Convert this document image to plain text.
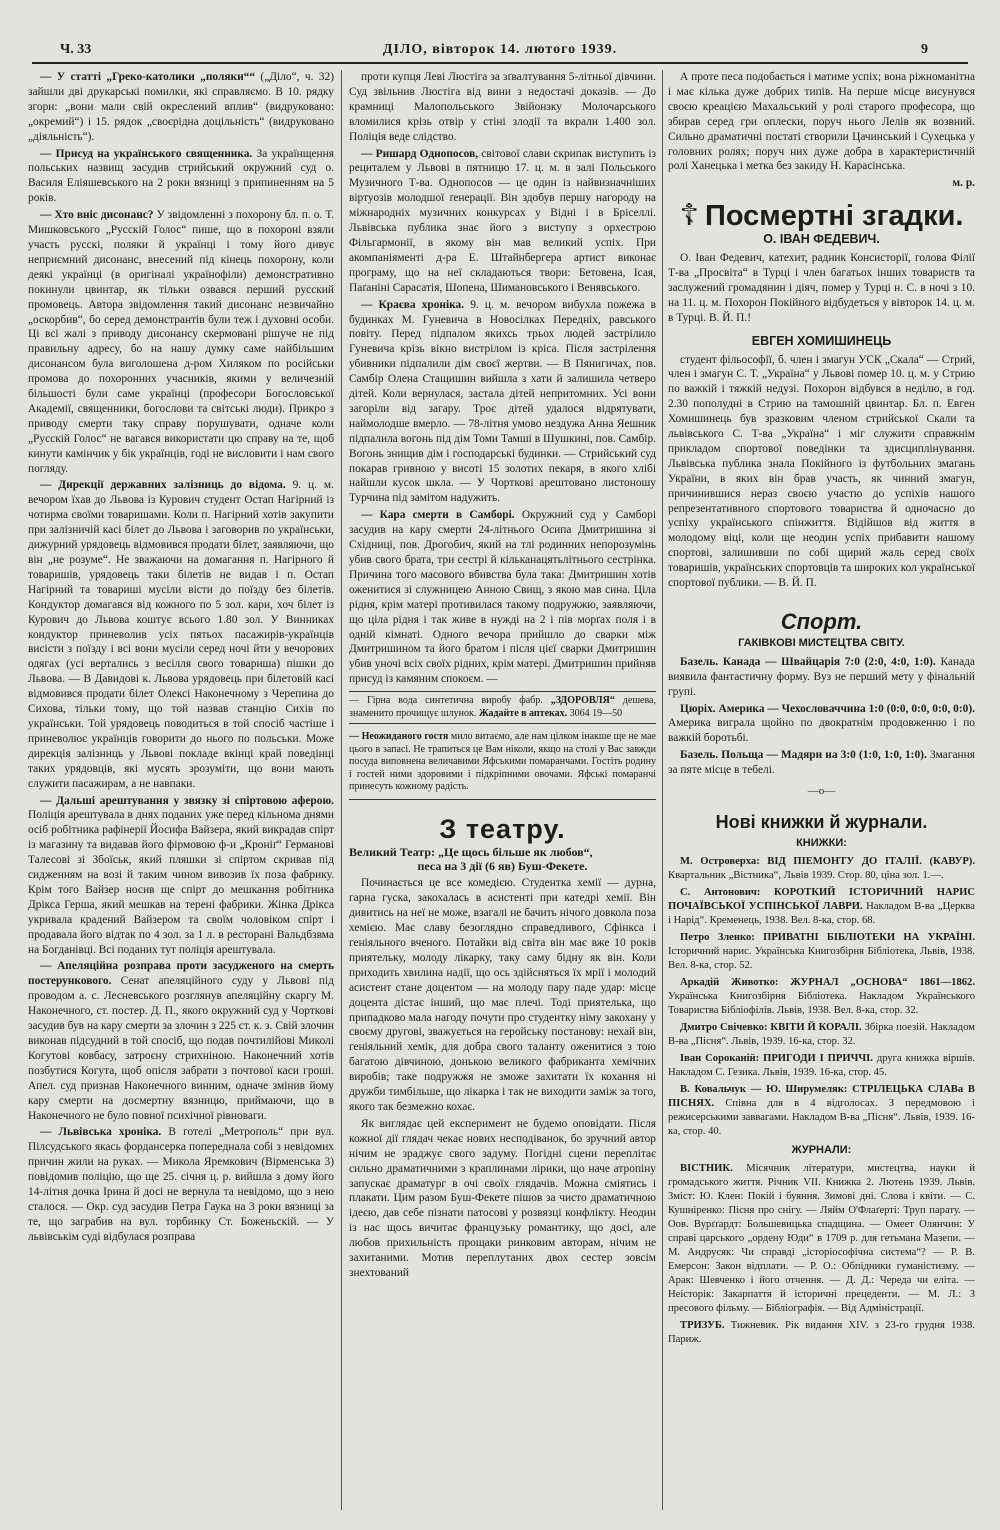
Ч. 33	ДІЛО, вівторок 14. лютого 1939.	9

— У статті „Греко-католики „поляки““ („Діло“, ч. 32) зайшли дві друкарські помилки, які справляємо. В 10. рядку згори: „вони мали свій окреслений вплив“ (видруковано: „окремий“) і 15. рядок „своєрідна доцільність“ (видруковано „діяльність“).

— Присуд на українського священника. За українщення польських назвищ засудив стрийський окружний суд о. Василя Еліяшевського на 2 роки вязниці з припиненням на 5 років.

— Хто вніс дисонанс? У звідомленні з похорону бл. п. о. Т. Мишковського „Русскій Голос“ пише, що в похороні взяли участь русскі, поляки й українці і тому його дивує неприємний дисонанс, внесений під кінець похорону, коли деякі українці (в оригіналі українофіли) демонстративно покинули цвинтар, як тільки озвався перший русский промовець. Автора звідомлення такий дисонанс незвичайно „оскорбив“, бо серед демонстрантів були теж і духовні особи. Ці всі жалі з приводу дисонансу скермовані рішуче не під правильну адресу, бо на нашу думку саме найбільшим дисонансом була виголошена д-ром Хиляком по російськи промова до похоронних учасників, якими у величезній більшості були саме українці (професори Богословської Академії, священники, богослови та світські люди). Прикро з приводу смерти таку справу порушувати, одначе коли „Русскій Голос“ не вагався використати цю справу на те, щоб кинути камінчик у бік українців, годі не висловити і нам свого погляду.

— Дирекції державних залізниць до відома. 9. ц. м. вечором їхав до Львова із Курович студент Остап Нагірний із чотирма своїми товаришами. Коли п. Нагірний хотів закупити при залізничій касі білет до Львова і заговорив по українськи, дижурний урядовець відмовився продати білет, заявляючи, що він „не розуме“. Не зважаючи на домагання п. Нагірного й товаришів, урядовець таки білетів не видав і п. Остап Нагірний та товариші мусіли вісти до поїзду без білетів. Кондуктор домагався від кожного по 5 зол. кари, хоч білет із Курович до Львова коштує всього 1.80 зол. У Винниках кондуктор приневолив усіх пятьох пасажирів-українців висісти з поїзду і всі вони мусіли серед ночі йти у вечорових одягах (усі вертались з весілля свого товариша) пішки до Львова. — В Давидові к. Львова урядовець при білетовій касі відмовився продати білет Олексі Наконечному з Черепина до Сихова, тільки тому, що той назвав станцію Сихів по українськи. Той урядовець поводиться в той спосіб частіше і приневолює українців говорити до нього по польськи. Може дирекція залізниць у Львові покладе вкінці край поведінці таких урядовців, які мусять зрозуміти, що вони мають служити пасажирам, а не навпаки.

— Дальші арештування у звязку зі спіртовою аферою. Поліція арештувала в днях поданих уже перед кільнома днями осіб робітника рафінерії Йосифа Вайзера, який викрадав спірт із магазину та видавав його фірмовою ф-и „Кроніґ“ Германові Талесові зі Збоїськ, який пляшки зі спіртом скривав під сидженням на возі й таким чином вивозив їх поза фабрику. Крім того Вайзер носив ще спірт до мешкання робітника Дрікса Герша, який мешкав на терені фабрики. Жінка Дрікса укривала крадений Вайзером та своїм чоловіком спірт і продавала його відтак по 4 зол. за 1 л. в ресторані Вальдбзвма на Богданівці. Всі поданих тут поліція арештувала.

— Апеляційна розправа проти засудженого на смерть постерункового. Сенат апеляційного суду у Львові під проводом а. с. Лесневського розглянув апеляційну скаргу М. Наконечного, ст. постер. Д. П., якого окружний суд у Чорткові засудив був на кару смерти за злочин з 225 ст. к. з. Свій злочин виконав підсудний в той спосіб, що подав почтилійові Миколі Когутові ковбасу, затроєну стрихніною. Наконечний хотів позбутися Когута, щоб опісля забрати з почтової каси гроші. Апел. суд признав Наконечного винним, одначе змінив йому кару смерти на досмертну вязницю, приймаючи, що в Наконечного не було повної психічної рівноваги.

— Львівська хроніка. В готелі „Метрополь“ при вул. Пілсудського якась фордансерка попереднала собі з невідомих причин жили на руках. — Микола Яремкович (Вірменська 3) повідомив поліцію, що ще 25. січня ц. р. вийшла з дому його 14-літня дочка Ірина й досі не вернула та невідомо, що з нею сталося. — Окр. суд засудив Петра Гаука на 3 роки вязниці за те, що заграбив на вул. торбинку Ст. Боженьскій. — У львівськім суді відбулася розправа

проти купця Леві Люстіга за зґвалтування 5-літньої дівчини. Суд звільнив Люстіга від вини з недостачі доказів. — До крамниці Малопольського Звійонзку Молочарського вломилися крізь отвір у стіні злодії та вкрали 1.400 зол. Поліція веде слідство.

— Ришард Однопосов, світової слави скрипак виступить із рециталем у Львові в пятницю 17. ц. м. в залі Польського Музичного Т-ва. Однопосов — це один із найвизначніших віртуозів молодшої ґенерації. Він здобув першу нагороду на міжнародніх музичних конкурсах у Відні і в Бріселлі. Львівська публика знає його з виступу з орхестрою Фільгармонії, в якому він мав великий успіх. При акомпаніяменті д-ра Е. Штайнбергера артист виконає програму, що на неї складаються твори: Бетовена, Ісая, Паґаніні Сарасатія, Шопена, Шимановського і Венявського.

— Краєва хроніка. 9. ц. м. вечором вибухла пожежа в будинках М. Гуневича в Новосілках Передніх, равського повіту. Перед підпалом якихсь трьох людей застрілило Гуневича крізь вікно вистрілом із кріса. Після застрілення убивники підпалили дім своєї жертви. — В Пянигичах, пов. Самбір Олена Стащишин вийшла з хати й залишила четверо дітей. Коли вернулася, застала дітей непритомних. Усі вони загоріли від загару. Троє дітей удалося відрятувати, наймолодше вмерло. — 78-літня умово нездужа Анна Яешник підпалила вогонь під дім Томи Тамші в Шушкині, пов. Самбір. Вогонь знищив дім і господарські будинки. — Стрийський суд покарав гривною у висоті 15 золотих пекаря, в якого хлібі найшли кусок шкла. — У Чорткові арештовано листоношу Турчина під замітом нaдужить.

— Кара смерти в Самборі. Окружний суд у Самборі засудив на кару смерти 24-літнього Осипа Дмитришина зі Східниці, пов. Дрогобич, який на тлі родинних непорозумінь убив свого брата, три сестрі й кільканацятьлітнього сестрінка. Причина того масового вбивства була така: Дмитришин хотів оженитися зі служницею Анною Свищ, з якою мав сина. Цілa рідня, крім матері противилася такому подружжю, заявляючи, що ціла рідня і так живе в нужді на 2 і пів морґах поля і в одній кімнаті. Одного вечора прийшло до сварки між Дмитришином та його братом і після цієї сварки Дмитришин убив уночі всіх своїх рідних, крім матері. Дмитришин прийняв присуд із камяним спокоєм. —

— Гірна вода синтетична виробу фабр. „ЗДОРОВЛЯ“ дешева, знаменито прочищує шлунок. Жадайте в аптеках. 3064 19—50
— Неожиданого гостя мило витаємо, але нам цілком інакше ще не мае цього в запасі. Не трапиться це Вам ніколи, якщо на столі у Вас завжди посуда виповнена величавими Яфськими помаранчами. Гостіть родину і гостей ними здоровими і підкріпними овочами. Яфські помаранчі принесуть кожному радість.
З театру.

Великий Театр: „Це щось більше як любов“,

песа на 3 дії (6 яв) Буш-Фекете.

Починається це все комедією. Студентка хемії — дурна, гарна гуска, закохалась в асистенті при катедрі хемії. Він дивитись на неї не може, взагалі не бачить нічого довкола поза хемією. Має славу безоглядно справедливого, Сфінкса і геніяльного вченого. Потайки від світа він має вже 10 років приятельку, молоду лікарку, таку саму бідну як він. Коли приходить хвилина надії, що ось здійсняться їх мрії і молодий асистент стане доцентом — на молоду пару паде удар: місце доцента дістає інший, що має плечі. Тоді приятелька, що припадково мала нагоду почути про студентку німу закохану у своєму другові, зважується на геройську постанову: нехай він, геніяльний хемік, для добра свого таланту оженитися з тою багатою дівчиною, донькою великого фабриканта хемічних виробів; таке подружжя не зможе захитати їх кохання ні дружби тимбільше, що лікарка і так не виходити заміж за того, якого так безмежно кохає.

Як виглядає цей експеримент не будемо оповідати. Після кожної дії глядач чекає нових несподіванок, бо зручний автор нічим не зраджує свого задуму. Погідні сцени переплітає сильно драматичними з краплинами лірики, що наче атропіну запускає драматург в очі своїх глядачів. Можна сміятись і плакати. Цим разом Буш-Фекете пішов за чисто драматичною ідеєю, дав себе пізнати патосові у розвязці конфлікту. Неодин із нас щось вичитає французьку романтику, що досі, але любов прихильність прощаки ринковим авторам, нічим не захитаними. Мотив переплутаних двох сестер зовсім знехтований

А проте песа подобається і матиме успіх; вона ріжноманітна і має кілька дуже добрих типів. На перше місце висунувся своєю креацією Махальський у ролі старого професора, що збирав серед гри оплески, поруч нього Лелів як возвний. Сильно драматичні постаті створили Цачинський і Сухецька у головних ролях; поруч них дуже добра в характеристичній ролі Ханецька і метка без закиду Н. Карасінська.

м. р.

☦ Посмертні згадки.

О. ІВАН ФЕДЕВИЧ.

О. Іван Федевич, катехит, радник Консисторії, голова Філії Т-ва „Просвіта“ в Турці і член багатьох інших товариств та заслужений громадянин і діяч, помер у Турці н. С. в ночі з 10. на 11. ц. м. Похорон Покійного відбудеться у вівторок 14. ц. м. в Турці. В. Й. П.!

ЕВГЕН ХОМИШИНЕЦЬ

студент фільософії, б. член і змагун УСК „Скала“ — Стрий, член і змагун С. Т. „Україна“ у Львові помер 10. ц. м. у Стрию по важкій і тяжкій недузі. Похорон відбувся в неділю, в год. 2.30 пополудні в Стрию на тамошній цвинтар. Бл. п. Евген Хомишинець був зразковим членом стрийської Скали та львівського С. Т-ва „Україна“ і міг служити справжнім прикладом спортової поведінки та здисциплінування. Львівська публика знала Покійного із футбольних змагань України, в яких він брав участь, як чинний змагун, причинившися нераз своєю участю до успіхів нашого репрезентативного спортового товариства й одночасно до успіху українського спінжиття. Відійшов від життя в молодому віці, коли ще неодин успіх прибавити нашому спортові, залишивши по собі щирий жаль серед своїх товаришів, українських спортовців та широких кол української спортової публики. — В. Й. П.

Спорт.
ГАКІВКОВІ МИСТЕЦТВА СВІТУ.

Базель. Канада — Швайцарія 7:0 (2:0, 4:0, 1:0). Канада виявила фантастичну форму. Вуз не перший мету у фінальній групі.

Цюріх. Америка — Чехословаччина 1:0 (0:0, 0:0, 0:0, 0:0). Америка виграла щойно по двократнім продовженню і по важкій боротьбі.

Базель. Польща — Мадяри на 3:0 (1:0, 1:0, 1:0). Змагання за пяте місце в тебелі.

—o—
Нові книжки й журнали.
КНИЖКИ:

М. Островерха: ВІД ПІЕМОНТУ ДО ІТАЛІЇ. (КАВУР). Квартальник „Вістника“, Львів 1939. Стор. 80, ціна зол. 1.—.

С. Антонович: КОРОТКИЙ ІСТОРИЧНИЙ НАРИС ПОЧАЇВСЬКОЇ УСПІНСЬКОЇ ЛАВРИ. Накладом В-ва „Церква і Нарід“. Кременець, 1938. Вел. 8-ка, стор. 68.

Петро Зленко: ПРИВАТНІ БІБЛІОТЕКИ НА УКРАЇНІ. Історичний нарис. Українська Книгозбірня Бібліотека, Львів, 1938. Вел. 8-ка, стор. 52.

Аркадій Животко: ЖУРНАЛ „ОСНОВА“ 1861—1862. Українська Книгозбірня Бібліотека. Накладом Українського Товариства Бібліофілів. Львів, 1938. Вел. 8-ка, стор. 32.

Дмитро Свічевко: КВІТИ Й КОРАЛІ. Збірка поезій. Накладом В-ва „Пісня“. Львів, 1939. 16-ка, стор. 32.

Іван Сороканій: ПРИГОДИ І ПРИЧЧІ. друга книжка віршів. Накладом С. Гезика. Львів, 1939. 16-ка, стор. 45.

В. Ковальчук — Ю. Ширумеляк: СТРІЛЕЦЬКА СЛАВа В ПІСНЯХ. Співна для в 4 відголосах. З передмовою і режисерськими заввагами. Накладом В-ва „Пісня“. Львів, 1939. 16-ка, стор. 40.

ЖУРНАЛИ:

ВІСТНИК. Місячник літератури, мистецтва, науки й громадського життя. Річник VII. Книжка 2. Лютень 1939. Львів. Зміст: Ю. Клен: Покій і буяння. Зимові дні. Слова і квіти. — С. Кушніренко: Пісня про снігу. — Ляйм О'Флаґерті: Труп парату. — Оов. Вурґґардт: Большевицька спадщина. — Омеет Олянчин: У справі царського „ордену Юди“ в 1709 р. для гетьмана Мазепи. — М. Андрусяк: Чи справді „історіософічна система“? — Р. В. Емерсон: Закон відплати. — Р. О.: Обпідники гуманістизму. — Арак: Шевченко і його отчення. — Д. Д.: Череда чи еліта. — Неісторік: Закарпаття й історичні прецеденти. — М. Л.: З пресового фільму. — Бібліографія. — Від Адміністрації.

ТРИЗУБ. Тижневик. Рік видання XIV. з 23-го грудня 1938. Париж.
